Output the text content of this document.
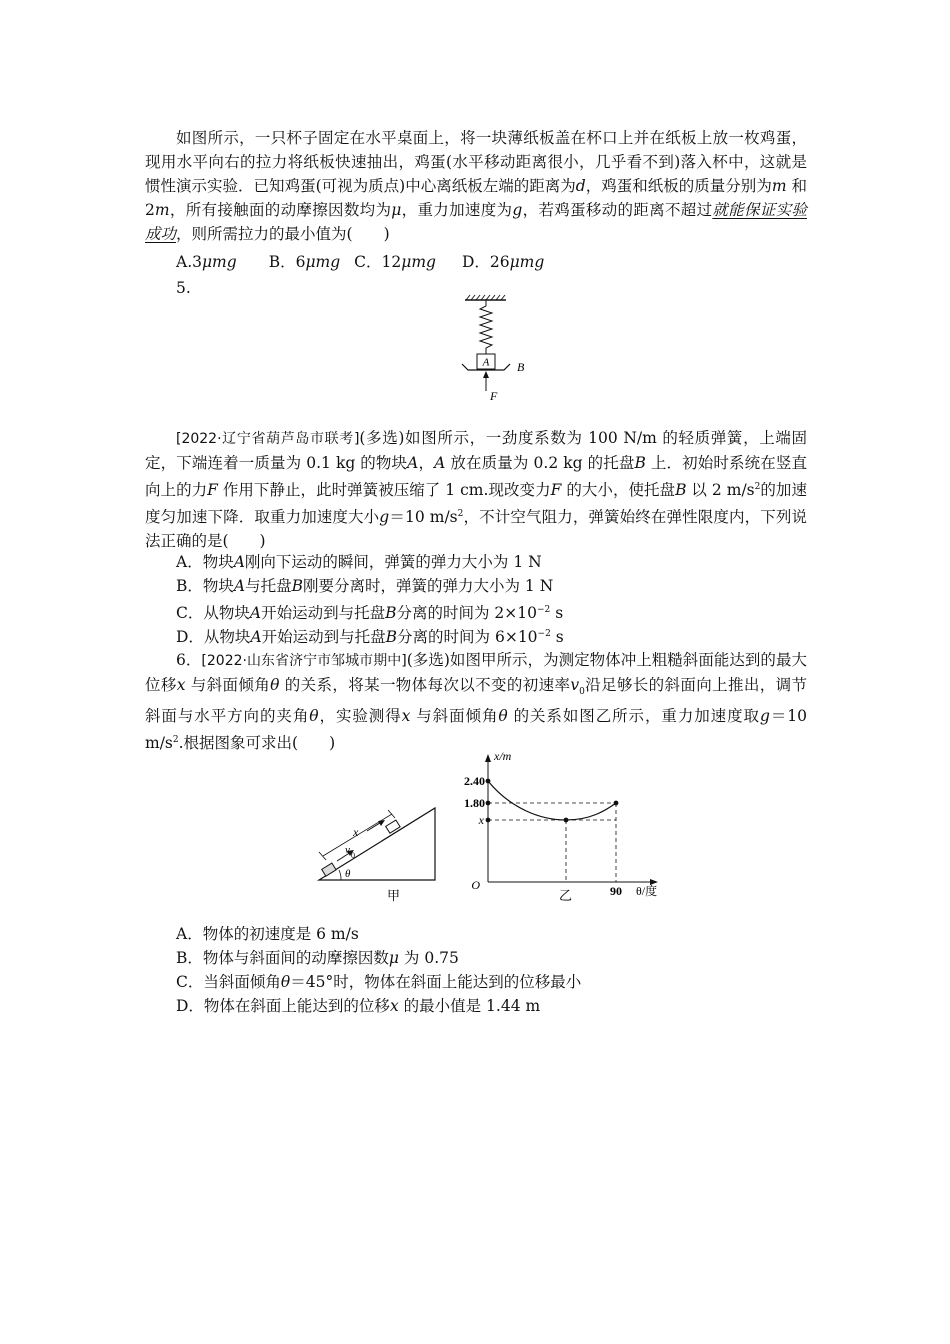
如图所示，一只杯子固定在水平桌面上，将一块薄纸板盖在杯口上并在纸板上放一枚鸡蛋，现用水平向右的拉力将纸板快速抽出，鸡蛋(水平移动距离很小，几乎看不到)落入杯中，这就是惯性演示实验．已知鸡蛋(可视为质点)中心离纸板左端的距离为d，鸡蛋和纸板的质量分别为m 和 2m，所有接触面的动摩擦因数均为μ，重力加速度为g，若鸡蛋移动的距离不超过就能保证实验成功，则所需拉力的最小值为(　　)

A.3μmg B．6μmg C．12μmg D．26μmg
5.
A B
F

[2022·辽宁省葫芦岛市联考](多选)如图所示，一劲度系数为 100 N/m 的轻质弹簧，上端固定，下端连着一质量为 0.1 kg 的物块A，A 放在质量为 0.2 kg 的托盘B 上．初始时系统在竖直向上的力F 作用下静止，此时弹簧被压缩了 1 cm.现改变力F 的大小，使托盘B 以 2 $m/s^2$的加速度匀加速下降．取重力加速度大小g＝10 $m/s^2$，不计空气阻力，弹簧始终在弹性限度内，下列说法正确的是(　　)

A．物块A刚向下运动的瞬间，弹簧的弹力大小为 1 N
B．物块A与托盘B刚要分离时，弹簧的弹力大小为 1 N
C．从物块A开始运动到与托盘B分离的时间为 $2\times 10^{-2}$ s
D．从物块A开始运动到与托盘B分离的时间为 $6\times 10^{-2}$ s

6．[2022·山东省济宁市邹城市期中](多选)如图甲所示，为测定物体冲上粗糙斜面能达到的最大位移x 与斜面倾角θ 的关系，将某一物体每次以不变的初速率$v_0$沿足够长的斜面向上推出，调节斜面与水平方向的夹角θ，实验测得x 与斜面倾角θ 的关系如图乙所示，重力加速度取g＝10 $m/s^2$.根据图象可求出(　　)

x
v 0
θ
甲
x/m
2.40
1.80
x
O	90 θ/度
乙
A．物体的初速度是 6 m/s
B．物体与斜面间的动摩擦因数μ 为 0.75
C．当斜面倾角θ＝45°时，物体在斜面上能达到的位移最小
D．物体在斜面上能达到的位移x 的最小值是 1.44 m
